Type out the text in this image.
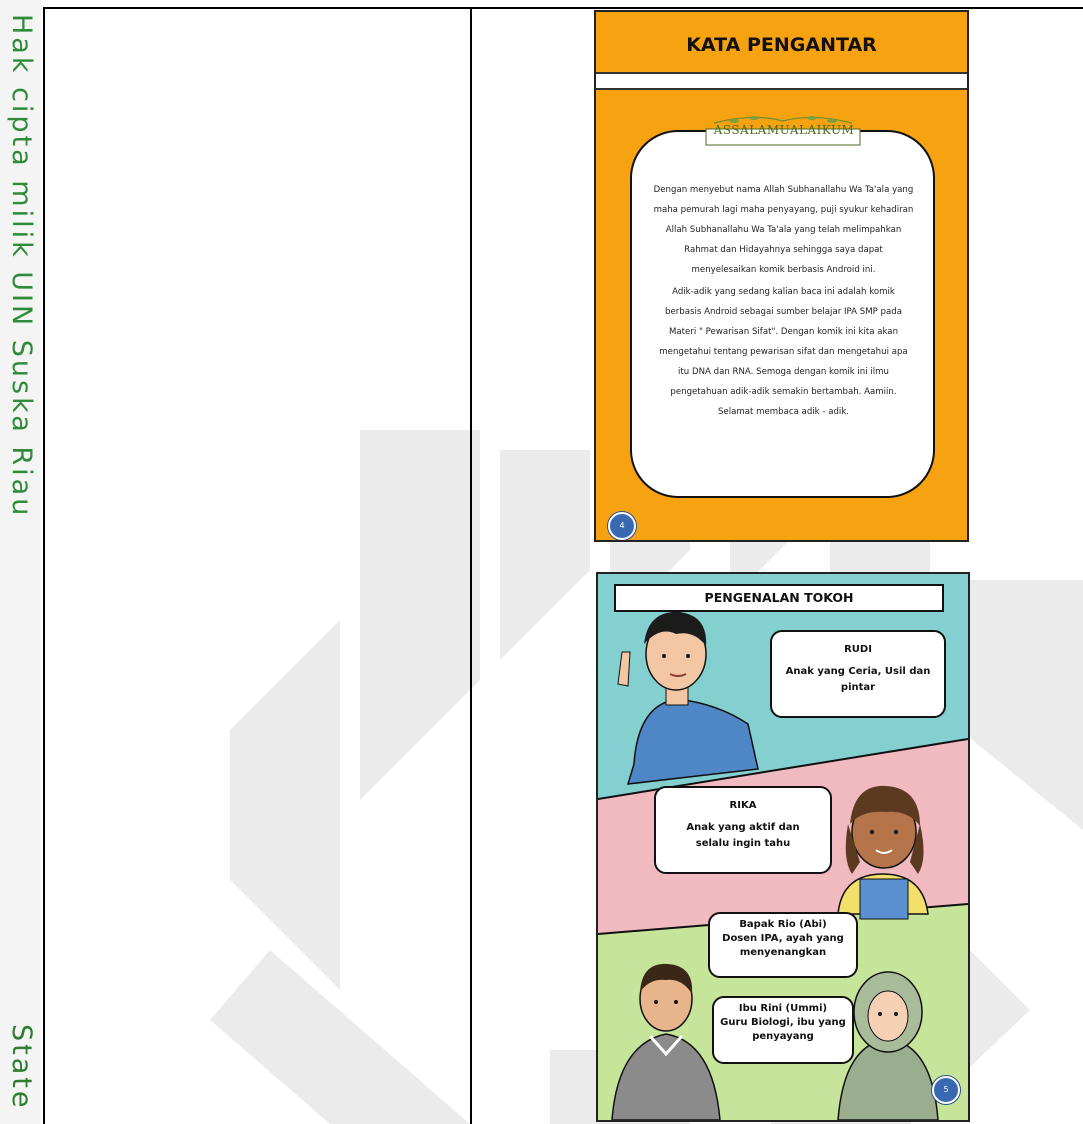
Hak cipta milik UIN Suska Riau
State
KATA PENGANTAR
ASSALAMUALAIKUM
Dengan menyebut nama Allah Subhanallahu Wa Ta'ala yang
maha pemurah lagi maha penyayang, puji syukur kehadiran
Allah Subhanallahu Wa Ta'ala yang telah melimpahkan
Rahmat dan Hidayahnya sehingga saya dapat
menyelesaikan komik berbasis Android ini.
Adik-adik yang sedang kalian baca ini adalah komik
berbasis Android sebagai sumber belajar IPA SMP pada
Materi " Pewarisan Sifat". Dengan komik ini kita akan
mengetahui tentang pewarisan sifat dan mengetahui apa
itu DNA dan RNA. Semoga dengan komik ini ilmu
pengetahuan adik-adik semakin bertambah. Aamiin.
Selamat membaca adik - adik.
4
PENGENALAN TOKOH
RUDI
Anak yang Ceria, Usil dan pintar
RIKA
Anak yang aktif dan selalu ingin tahu
Bapak Rio (Abi)
Dosen IPA, ayah yang menyenangkan
Ibu Rini (Ummi)
Guru Biologi, ibu yang penyayang
5
